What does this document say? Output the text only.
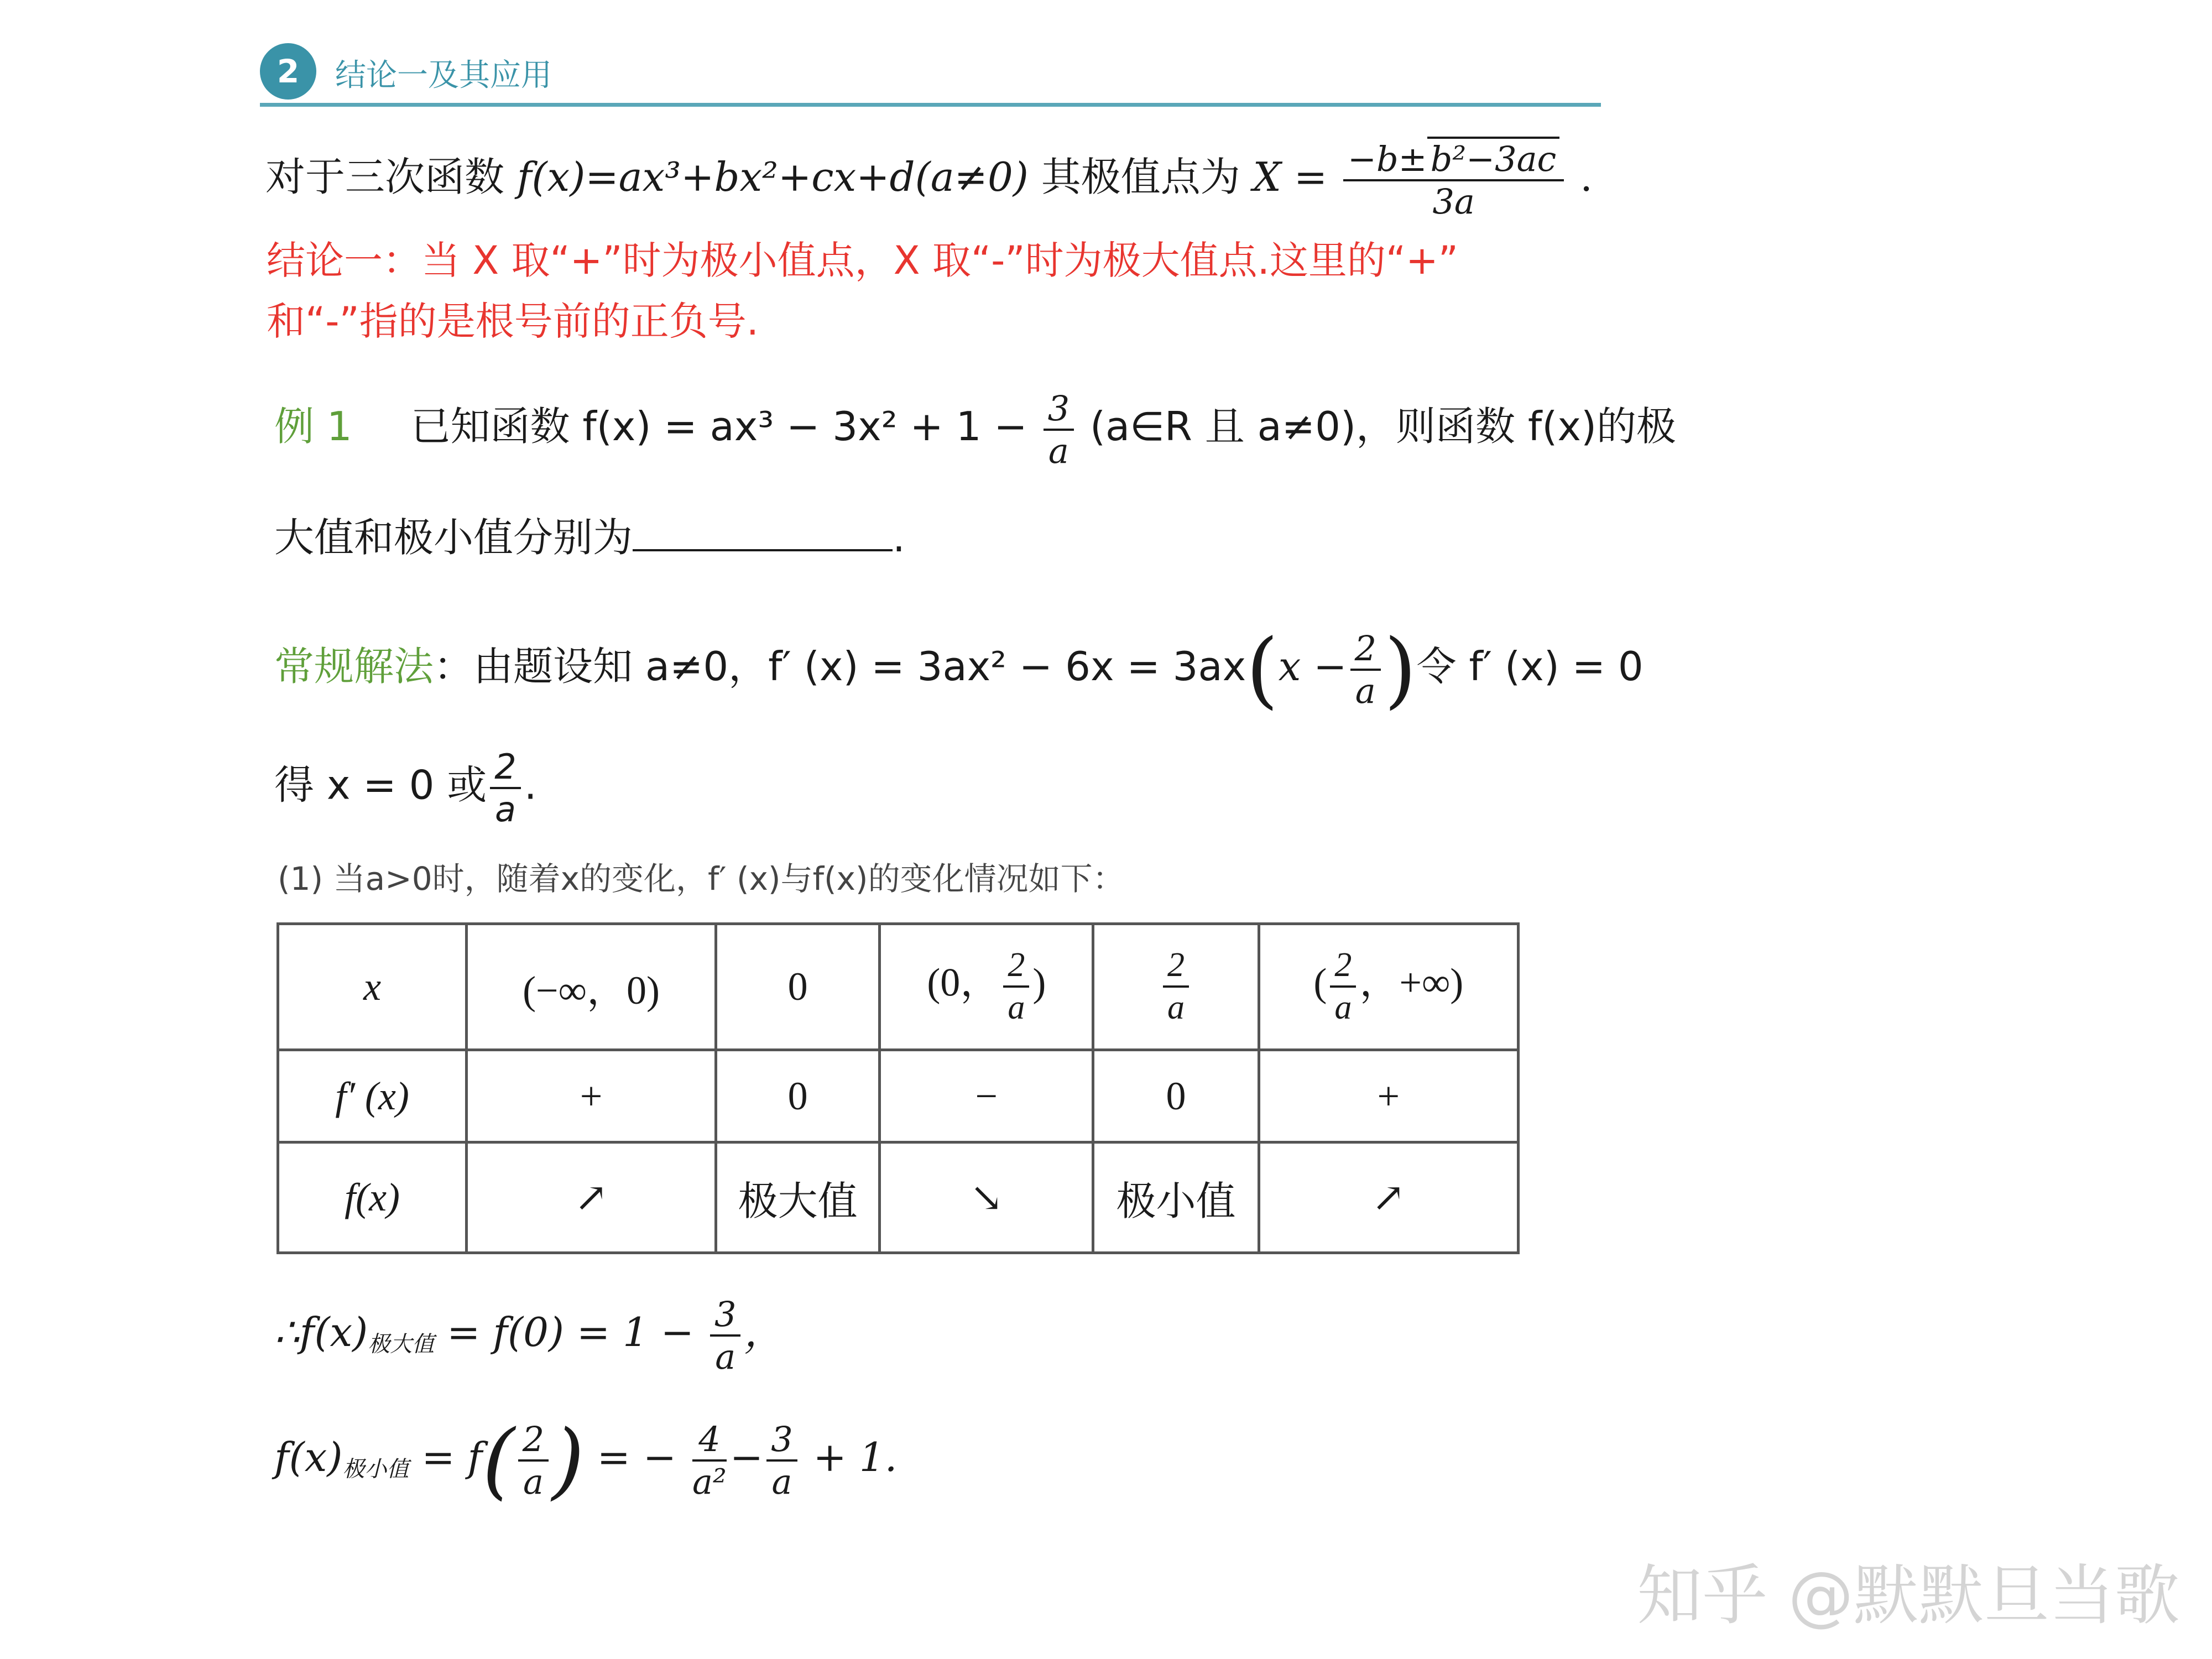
2	结论一及其应用
对于三次函数 f(x)=ax³+bx²+cx+d(a≠0) 其极值点为 $X = \frac{\text{−b±b²−3ac}}{3a}$ .
结论一：当 X 取“+”时为极小值点，X 取“-”时为极大值点.这里的“+”
和“-”指的是根号前的正负号.
例 1 已知函数 $f(x) = ax^3 - 3x^2 + 1 - \frac{3}{a}$ (a∈R 且 a≠0)，则函数 f(x)的极
大值和极小值分别为	.
常规解法：由题设知 a≠0，f′ $(x) = 3ax^2 - 6x = 3ax(x - \frac{2}{a}$ )令 f′ (x) = 0
得 x = 0 或 $\frac{2}{a}$ .
(1) 当a>0时，随着x的变化，f′ (x)与f(x)的变化情况如下：
x	(−∞，0)	0	(0， $\frac{2}{a}$ )	$\frac{2}{a}$	( $\frac{2}{a}$ ，+∞)
f′ (x)	+	0	−	0	+
f(x)	↗	极大值	↘	极小值	↗
$\therefore f(x)_{极大值} = f(0) = 1 - \frac{3}{a}$ ，
$f(x)_{极小值} = f( \frac{2}{a}$ ) = − $\frac{4}{\text{a²}} - \frac{3}{a} + 1$.
知乎 @默默旦当歌
